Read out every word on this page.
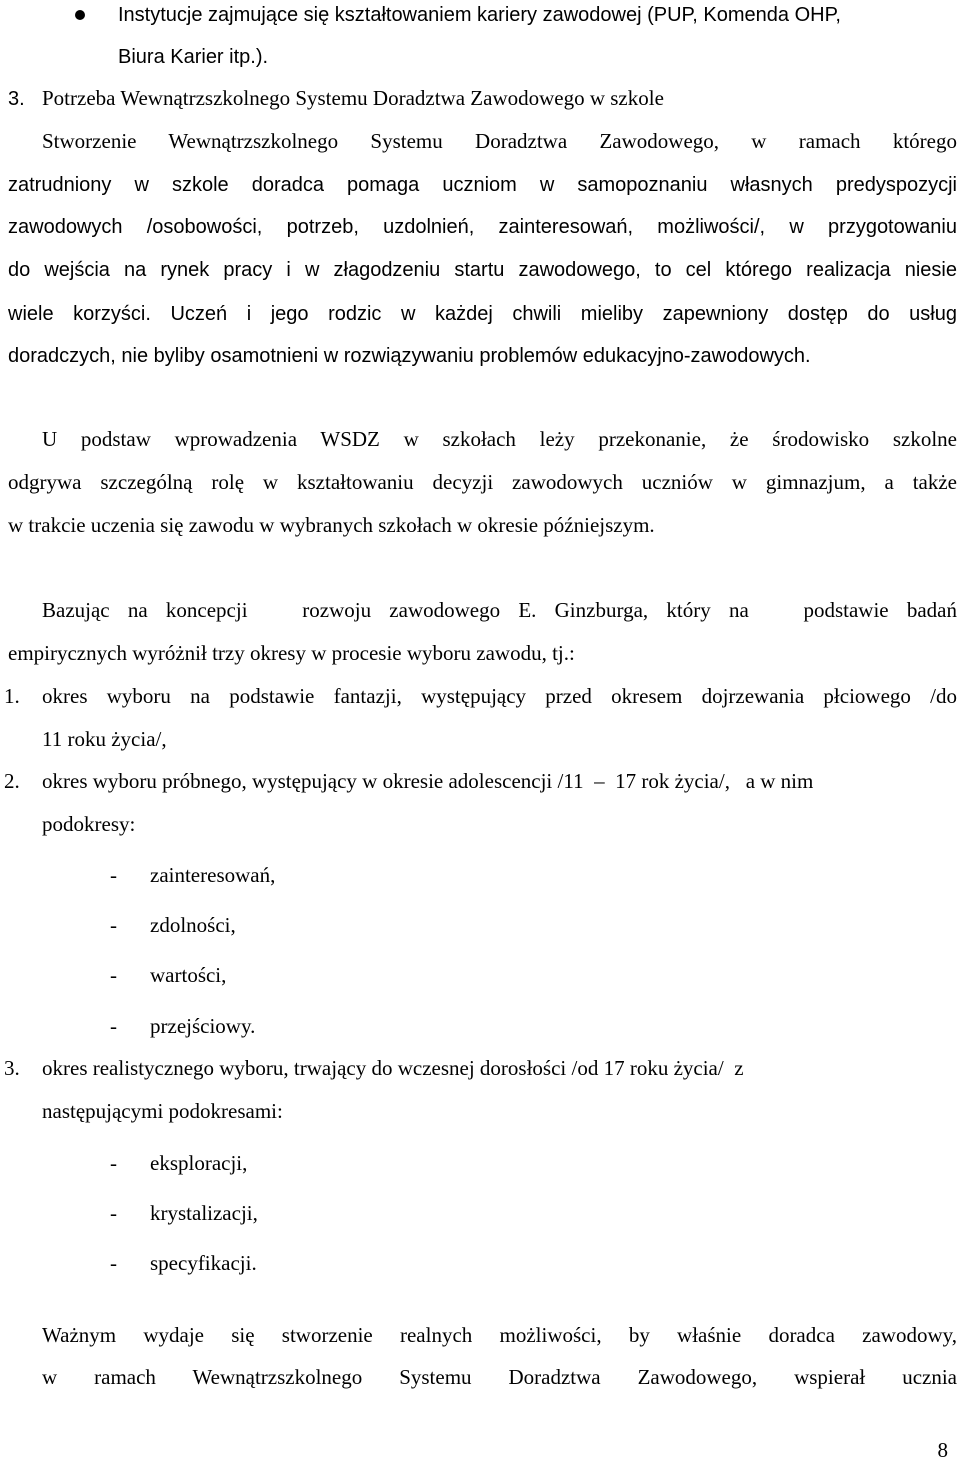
Instytucje zajmujące się kształtowaniem kariery zawodowej (PUP, Komenda OHP,
Biura Karier itp.).
3. Potrzeba Wewnątrzszkolnego Systemu Doradztwa Zawodowego w szkole
Stworzenie Wewnątrzszkolnego Systemu Doradztwa Zawodowego, w ramach którego
zatrudniony w szkole doradca pomaga uczniom w samopoznaniu własnych predyspozycji
zawodowych /osobowości, potrzeb, uzdolnień, zainteresowań, możliwości/, w przygotowaniu
do wejścia na rynek pracy i w złagodzeniu startu zawodowego, to cel którego realizacja niesie
wiele korzyści. Uczeń i jego rodzic w każdej chwili mieliby zapewniony dostęp do usług
doradczych, nie byliby osamotnieni w rozwiązywaniu problemów edukacyjno-zawodowych.
U podstaw wprowadzenia WSDZ w szkołach leży przekonanie, że środowisko szkolne
odgrywa szczególną rolę w kształtowaniu decyzji zawodowych uczniów w gimnazjum, a także
w trakcie uczenia się zawodu w wybranych szkołach w okresie późniejszym.
Bazując na koncepcji   rozwoju zawodowego E. Ginzburga, który na   podstawie badań
empirycznych wyróżnił trzy okresy w procesie wyboru zawodu, tj.:
1. okres wyboru na podstawie fantazji, występujący przed okresem dojrzewania płciowego /do
11 roku życia/,
2. okres wyboru próbnego, występujący w okresie adolescencji /11  –  17 rok życia/,   a w nim
podokresy:
- zainteresowań,
- zdolności,
- wartości,
- przejściowy.
3. okres realistycznego wyboru, trwający do wczesnej dorosłości /od 17 roku życia/  z
następującymi podokresami:
- eksploracji,
- krystalizacji,
- specyfikacji.
Ważnym wydaje się stworzenie realnych możliwości, by właśnie doradca zawodowy,
w ramach Wewnątrzszkolnego Systemu Doradztwa Zawodowego, wspierał ucznia
8
